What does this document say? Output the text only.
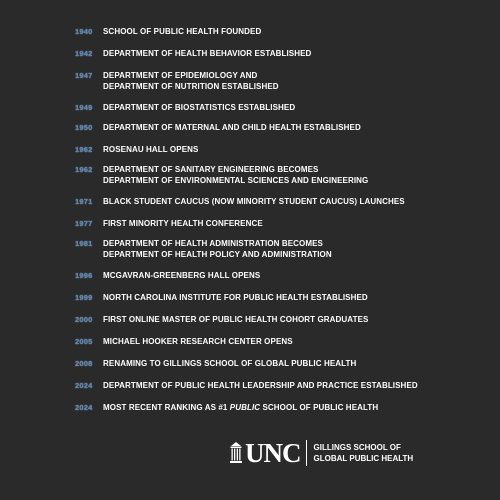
1940	SCHOOL OF PUBLIC HEALTH FOUNDED
1942	DEPARTMENT OF HEALTH BEHAVIOR ESTABLISHED
1947	DEPARTMENT OF EPIDEMIOLOGY AND
DEPARTMENT OF NUTRITION ESTABLISHED
1949	DEPARTMENT OF BIOSTATISTICS ESTABLISHED
1950	DEPARTMENT OF MATERNAL AND CHILD HEALTH ESTABLISHED
1962	ROSENAU HALL OPENS
1962	DEPARTMENT OF SANITARY ENGINEERING BECOMES
DEPARTMENT OF ENVIRONMENTAL SCIENCES AND ENGINEERING
1971	BLACK STUDENT CAUCUS (NOW MINORITY STUDENT CAUCUS) LAUNCHES
1977	FIRST MINORITY HEALTH CONFERENCE
1981	DEPARTMENT OF HEALTH ADMINISTRATION BECOMES
DEPARTMENT OF HEALTH POLICY AND ADMINISTRATION
1996	MCGAVRAN-GREENBERG HALL OPENS
1999	NORTH CAROLINA INSTITUTE FOR PUBLIC HEALTH ESTABLISHED
2000	FIRST ONLINE MASTER OF PUBLIC HEALTH COHORT GRADUATES
2005	MICHAEL HOOKER RESEARCH CENTER OPENS
2008	RENAMING TO GILLINGS SCHOOL OF GLOBAL PUBLIC HEALTH
2024	DEPARTMENT OF PUBLIC HEALTH LEADERSHIP AND PRACTICE ESTABLISHED
2024	MOST RECENT RANKING AS #1 PUBLIC SCHOOL OF PUBLIC HEALTH
UNC GILLINGS SCHOOL OF
GLOBAL PUBLIC HEALTH
